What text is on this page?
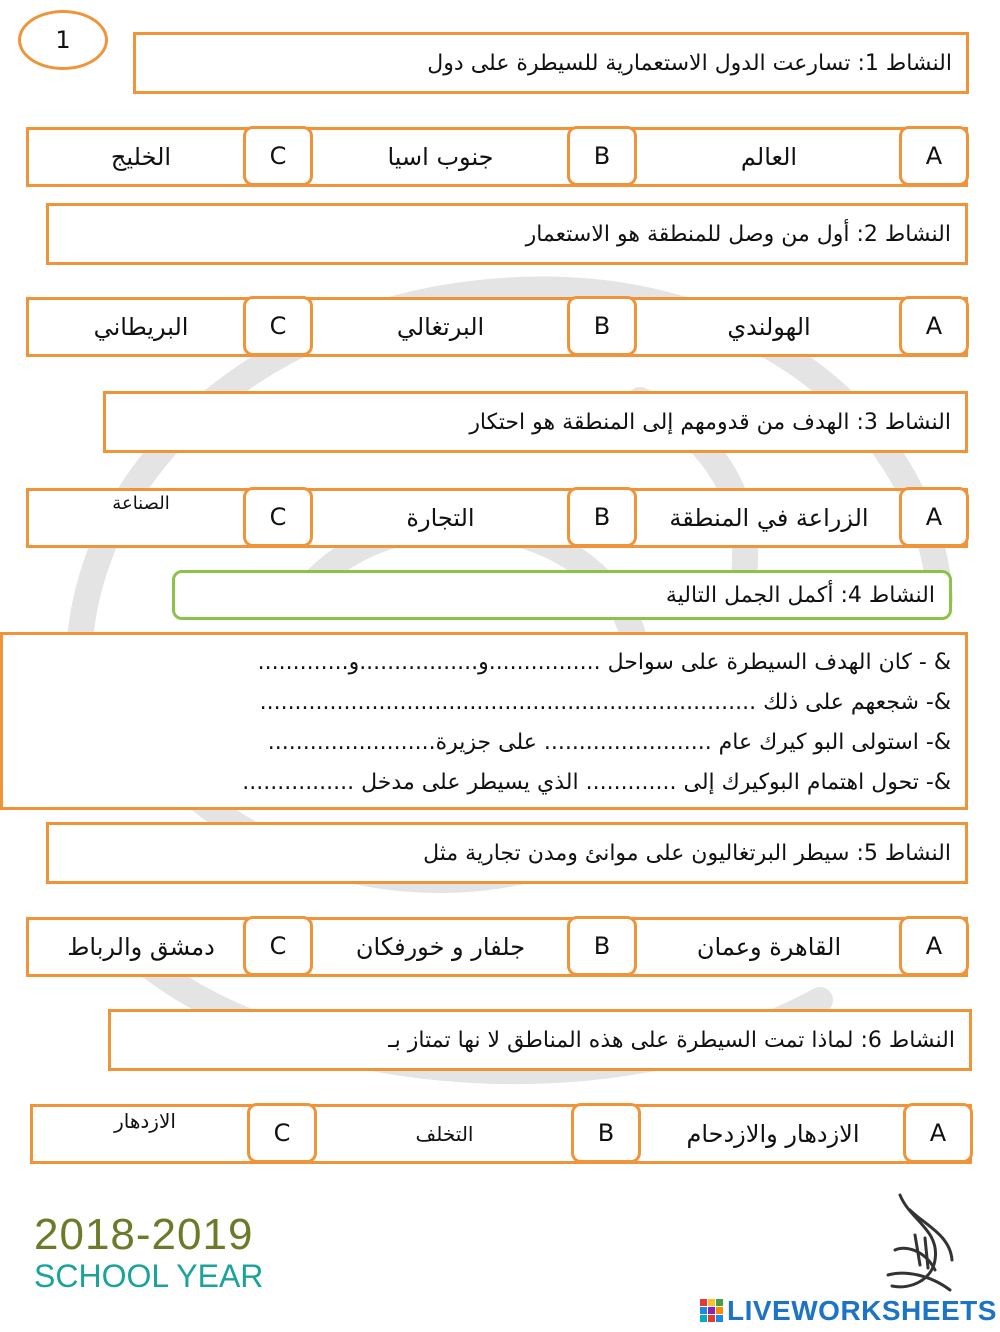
1
النشاط 1: تسارعت الدول الاستعمارية للسيطرة على دول
A
العالم
B
جنوب اسيا
C
الخليج
النشاط 2: أول من وصل للمنطقة هو الاستعمار
A
الهولندي
B
البرتغالي
C
البريطاني
النشاط 3: الهدف من قدومهم إلى المنطقة هو احتكار
A
الزراعة في المنطقة
B
التجارة
C
الصناعة
النشاط 4: أكمل الجمل التالية
& - كان الهدف السيطرة على سواحل ................و.................و.............
&- شجعهم على ذلك .......................................................................
&- استولى البو كيرك عام ........................ على جزيرة........................
&- تحول اهتمام البوكيرك إلى ............. الذي يسيطر على مدخل ................
النشاط 5: سيطر البرتغاليون على موانئ ومدن تجارية مثل
A
القاهرة وعمان
B
جلفار و خورفكان
C
دمشق والرباط
النشاط 6: لماذا تمت السيطرة على هذه المناطق لا نها تمتاز بـ
A
الازدهار والازدحام
B
التخلف
C
الازدهار
2018-2019
SCHOOL YEAR
LIVEWORKSHEETS
